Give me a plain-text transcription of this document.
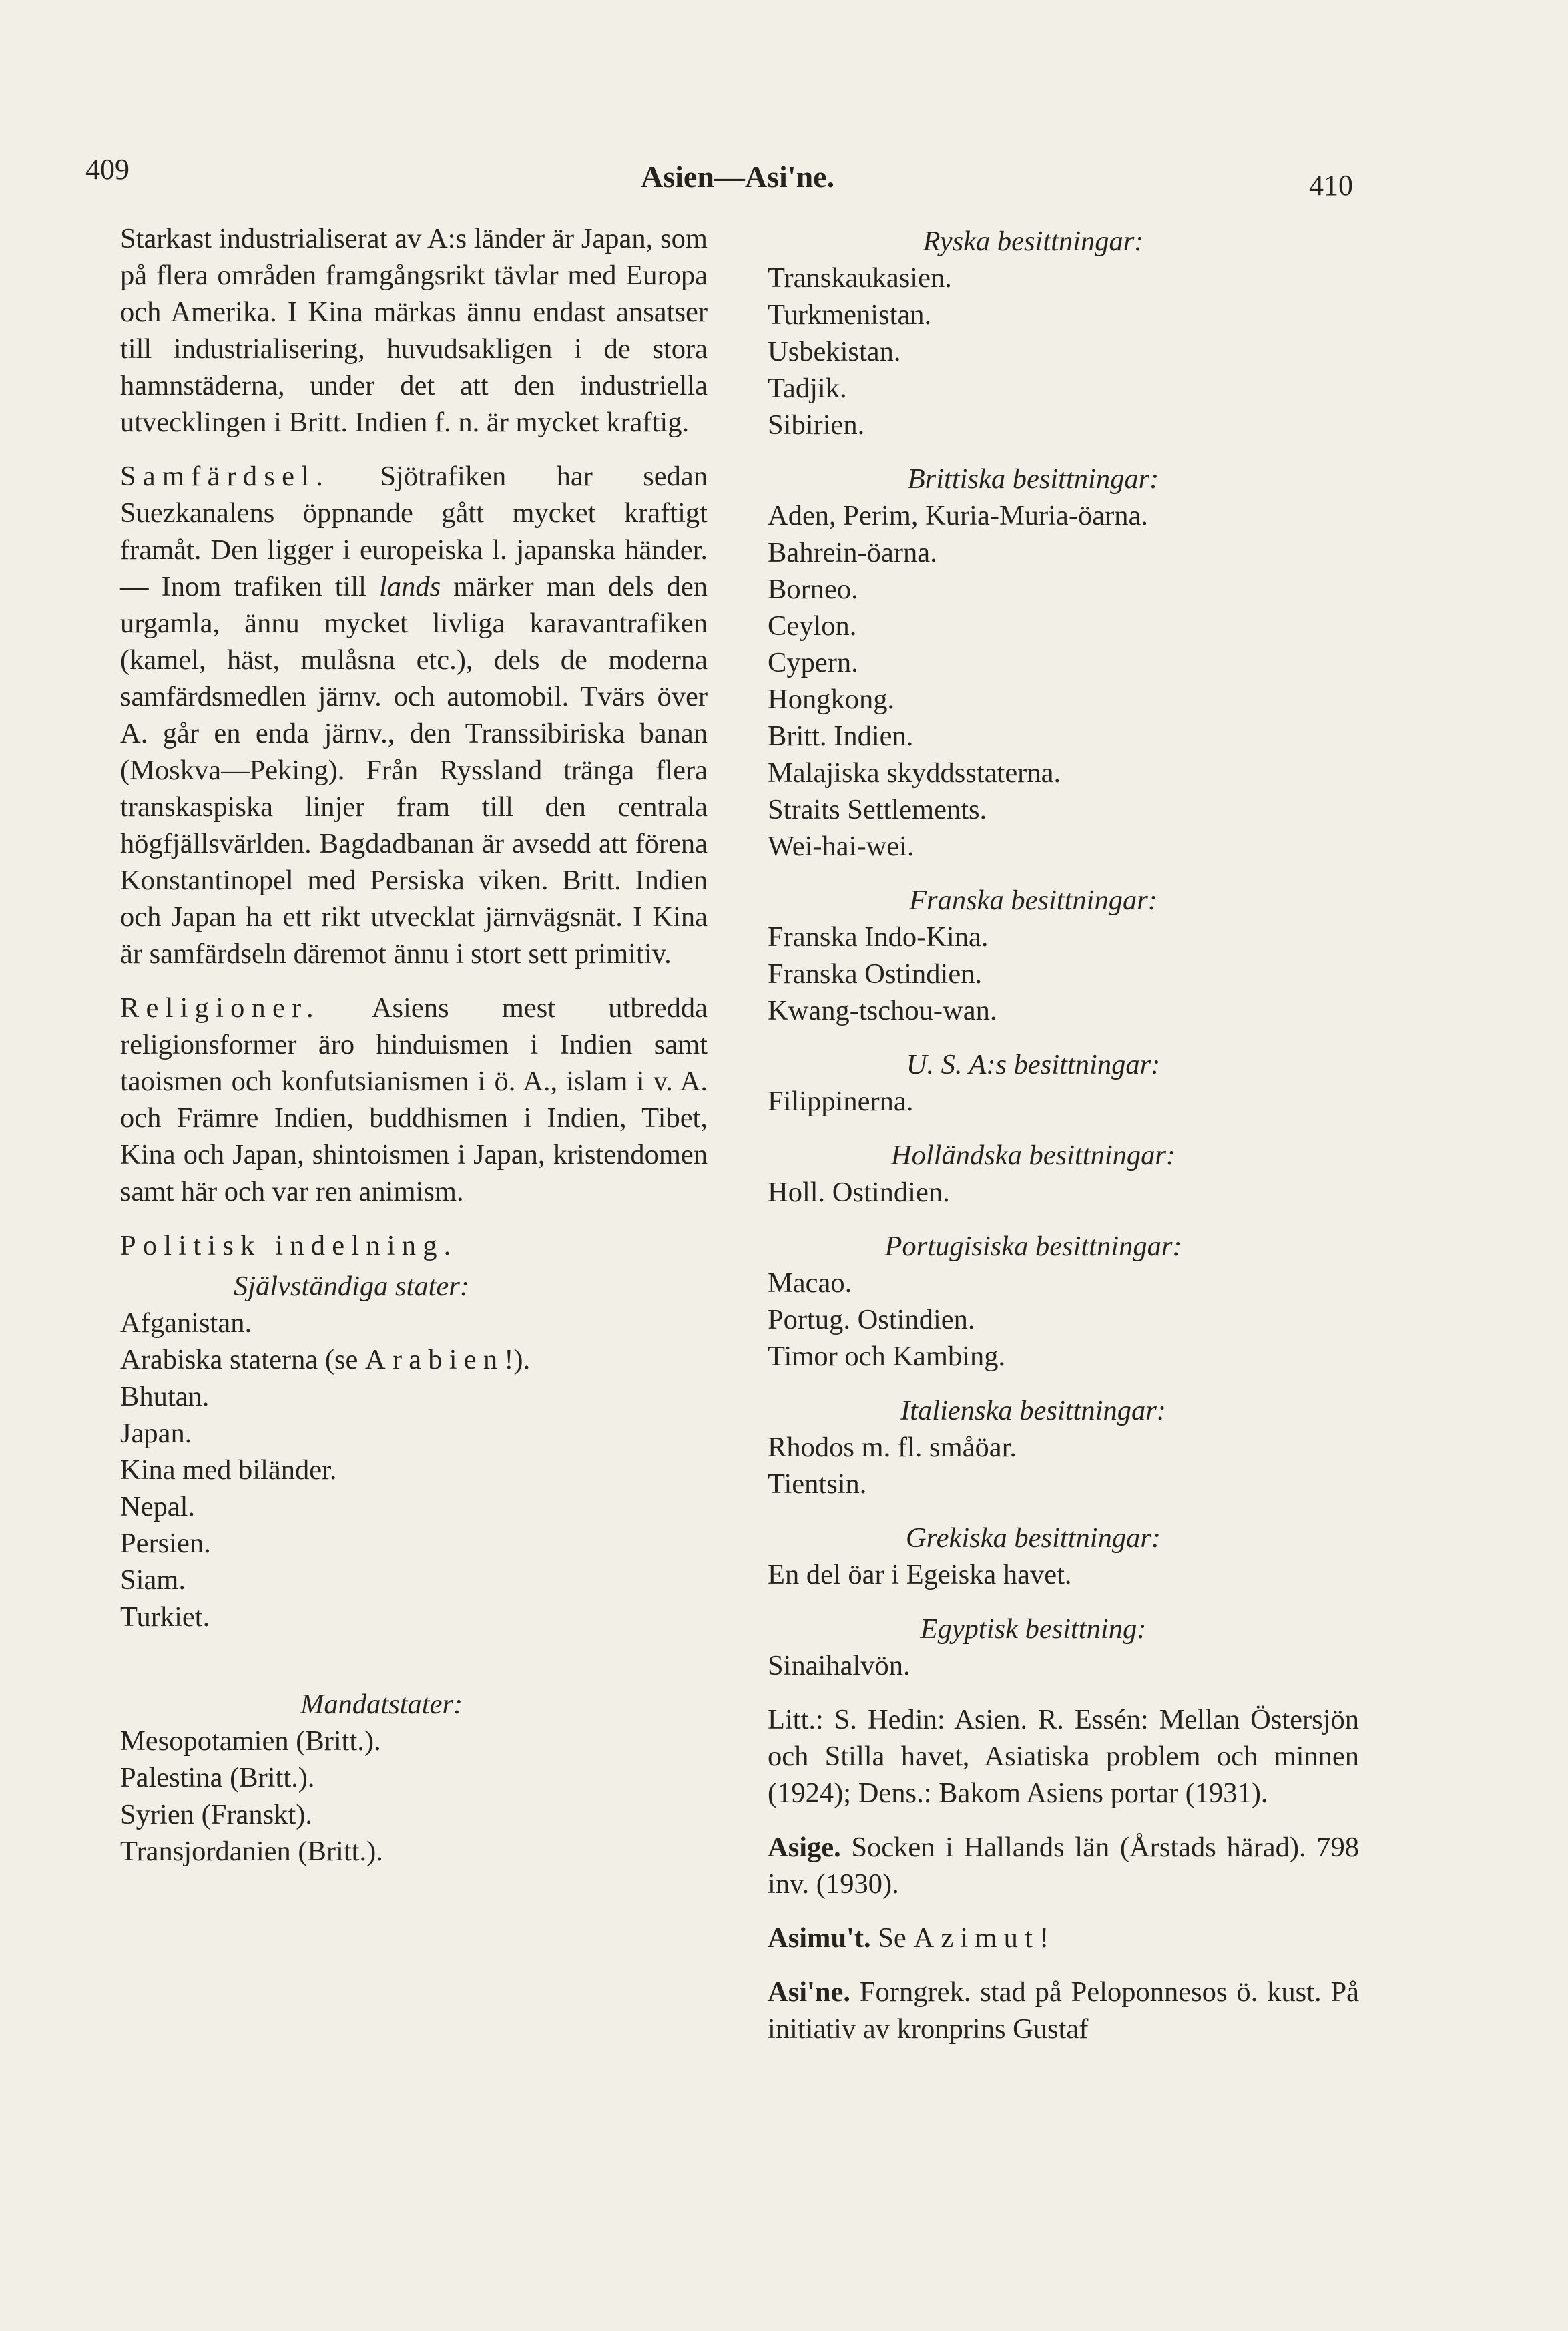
409	Asien—Asi'ne.	410

Starkast industrialiserat av A:s länder är Japan, som på flera områden framgångsrikt tävlar med Europa och Amerika. I Kina märkas ännu endast ansatser till industrialisering, huvudsakligen i de stora hamnstäderna, under det att den industriella utvecklingen i Britt. Indien f. n. är mycket kraftig.

Samfärdsel. Sjötrafiken har sedan Suezkanalens öppnande gått mycket kraftigt framåt. Den ligger i europeiska l. japanska händer. — Inom trafiken till lands märker man dels den urgamla, ännu mycket livliga karavantrafiken (kamel, häst, mulåsna etc.), dels de moderna samfärdsmedlen järnv. och automobil. Tvärs över A. går en enda järnv., den Transsibiriska banan (Moskva—Peking). Från Ryssland tränga flera transkaspiska linjer fram till den centrala högfjällsvärlden. Bagdadbanan är avsedd att förena Konstantinopel med Persiska viken. Britt. Indien och Japan ha ett rikt utvecklat järnvägsnät. I Kina är samfärdseln däremot ännu i stort sett primitiv.

Religioner. Asiens mest utbredda religionsformer äro hinduismen i Indien samt taoismen och konfutsianismen i ö. A., islam i v. A. och Främre Indien, buddhismen i Indien, Tibet, Kina och Japan, shintoismen i Japan, kristendomen samt här och var ren animism.

Politisk indelning.

Självständiga stater:
Afganistan.
Arabiska staterna (se Arabien!).
Bhutan.
Japan.
Kina med biländer.
Nepal.
Persien.
Siam.
Turkiet.
Mandatstater:
Mesopotamien (Britt.).
Palestina (Britt.).
Syrien (Franskt).
Transjordanien (Britt.).
Ryska besittningar:
Transkaukasien.
Turkmenistan.
Usbekistan.
Tadjik.
Sibirien.
Brittiska besittningar:
Aden, Perim, Kuria-Muria-öarna.
Bahrein-öarna.
Borneo.
Ceylon.
Cypern.
Hongkong.
Britt. Indien.
Malajiska skyddsstaterna.
Straits Settlements.
Wei-hai-wei.
Franska besittningar:
Franska Indo-Kina.
Franska Ostindien.
Kwang-tschou-wan.
U. S. A:s besittningar:
Filippinerna.
Holländska besittningar:
Holl. Ostindien.
Portugisiska besittningar:
Macao.
Portug. Ostindien.
Timor och Kambing.
Italienska besittningar:
Rhodos m. fl. småöar.
Tientsin.
Grekiska besittningar:
En del öar i Egeiska havet.
Egyptisk besittning:
Sinaihalvön.

Litt.: S. Hedin: Asien. R. Essén: Mellan Östersjön och Stilla havet, Asiatiska problem och minnen (1924); Dens.: Bakom Asiens portar (1931).

Asige. Socken i Hallands län (Årstads härad). 798 inv. (1930).

Asimu't. Se Azimut!

Asi'ne. Forngrek. stad på Peloponnesos ö. kust. På initiativ av kronprins Gustaf
